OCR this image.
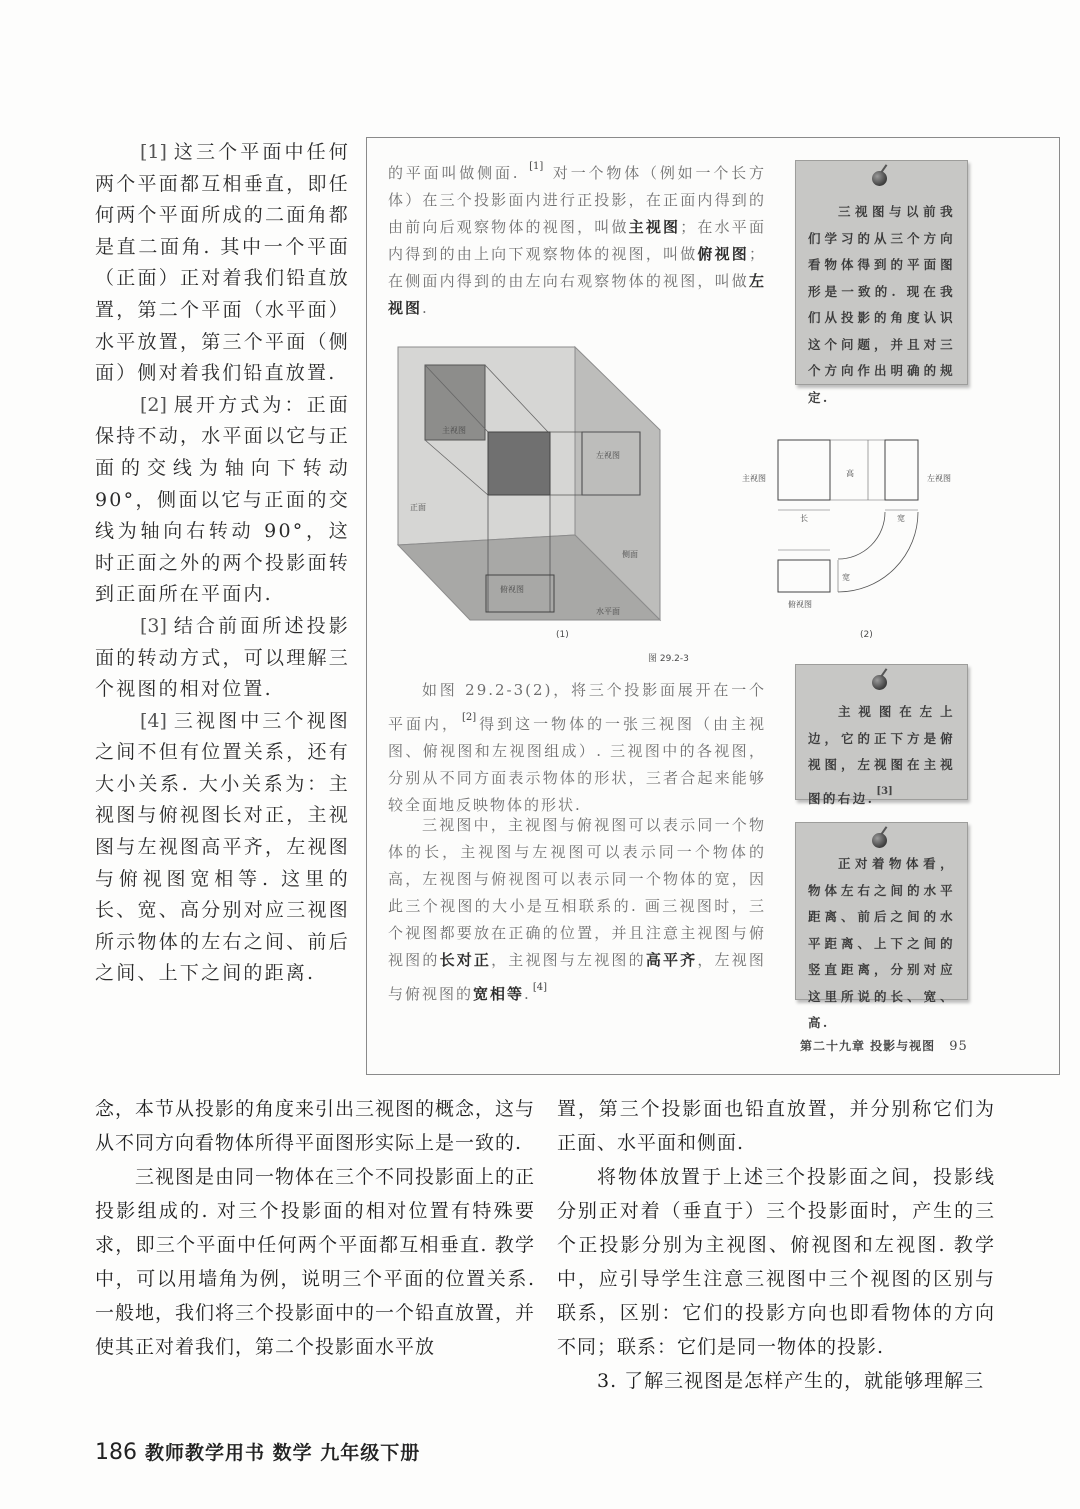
[1] 这三个平面中任何两个平面都互相垂直，即任何两个平面所成的二面角都是直二面角. 其中一个平面（正面）正对着我们铅直放置，第二个平面（水平面）水平放置，第三个平面（侧面）侧对着我们铅直放置.

[2] 展开方式为：正面保持不动，水平面以它与正面的交线为轴向下转动 90°，侧面以它与正面的交线为轴向右转动 90°，这时正面之外的两个投影面转到正面所在平面内.

[3] 结合前面所述投影面的转动方式，可以理解三个视图的相对位置.

[4] 三视图中三个视图之间不但有位置关系，还有大小关系. 大小关系为：主视图与俯视图长对正，主视图与左视图高平齐，左视图与俯视图宽相等. 这里的长、宽、高分别对应三视图所示物体的左右之间、前后之间、上下之间的距离.

的平面叫做侧面. [1] 对一个物体（例如一个长方体）在三个投影面内进行正投影，在正面内得到的由前向后观察物体的视图，叫做主视图；在水平面内得到的由上向下观察物体的视图，叫做俯视图；在侧面内得到的由左向右观察物体的视图，叫做左视图.

三视图与以前我们学习的从三个方向看物体得到的平面图形是一致的. 现在我们从投影的角度认识这个问题，并且对三个方向作出明确的规定.

主视图
左视图
正面
侧面
俯视图
水平面
主视图	左视图
俯视图
高
长	宽
宽
(1)	(2)
图 29.2-3

如图 29.2-3(2)，将三个投影面展开在一个平面内， [2] 得到这一物体的一张三视图（由主视图、俯视图和左视图组成）. 三视图中的各视图，分别从不同方面表示物体的形状，三者合起来能够较全面地反映物体的形状.

主视图在左上边，它的正下方是俯视图，左视图在主视图的右边. [3]

三视图中，主视图与俯视图可以表示同一个物体的长，主视图与左视图可以表示同一个物体的高，左视图与俯视图可以表示同一个物体的宽，因此三个视图的大小是互相联系的. 画三视图时，三个视图都要放在正确的位置，并且注意主视图与俯视图的长对正，主视图与左视图的高平齐，左视图与俯视图的宽相等. [4]

正对着物体看，物体左右之间的水平距离、前后之间的水平距离、上下之间的竖直距离，分别对应这里所说的长、宽、高.

第二十九章 投影与视图 95

念，本节从投影的角度来引出三视图的概念，这与从不同方向看物体所得平面图形实际上是一致的.

三视图是由同一物体在三个不同投影面上的正投影组成的. 对三个投影面的相对位置有特殊要求，即三个平面中任何两个平面都互相垂直. 教学中，可以用墙角为例，说明三个平面的位置关系. 一般地，我们将三个投影面中的一个铅直放置，并使其正对着我们，第二个投影面水平放

置，第三个投影面也铅直放置，并分别称它们为正面、水平面和侧面.

将物体放置于上述三个投影面之间，投影线分别正对着（垂直于）三个投影面时，产生的三个正投影分别为主视图、俯视图和左视图. 教学中，应引导学生注意三视图中三个视图的区别与联系，区别：它们的投影方向也即看物体的方向不同；联系：它们是同一物体的投影.

3. 了解三视图是怎样产生的，就能够理解三

186 教师教学用书 数学 九年级下册
